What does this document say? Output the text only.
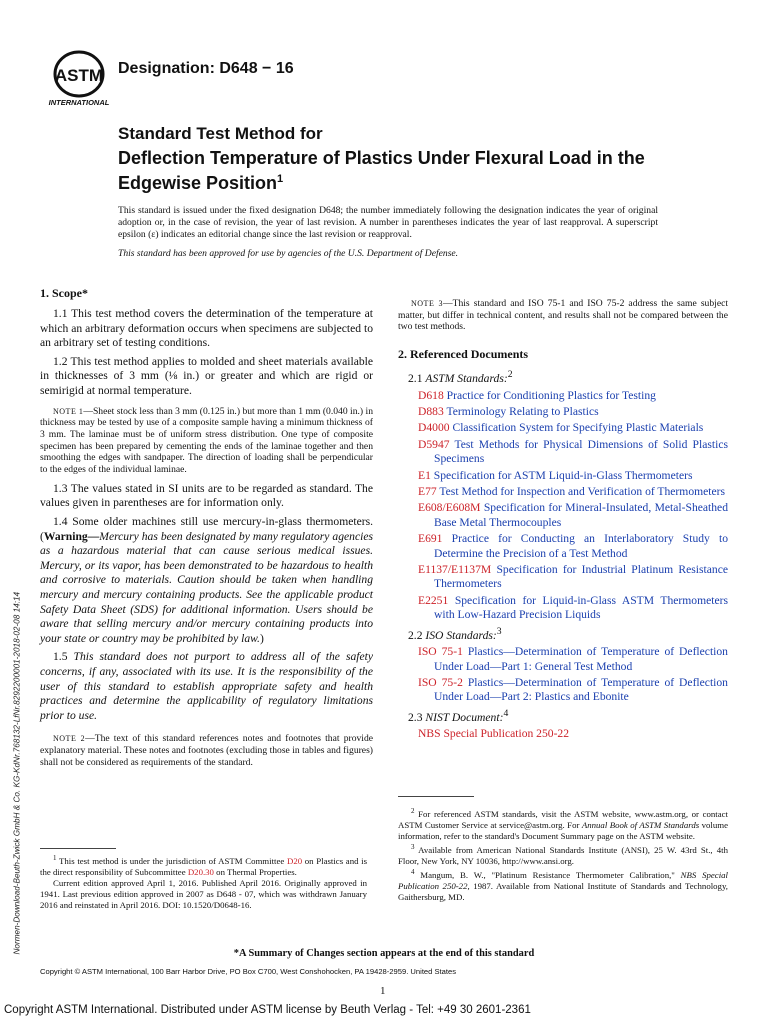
ASTM
INTERNATIONAL
Designation: D648 − 16
Standard Test Method for
Deflection Temperature of Plastics Under Flexural Load in the Edgewise Position$^1$

This standard is issued under the fixed designation D648; the number immediately following the designation indicates the year of original adoption or, in the case of revision, the year of last revision. A number in parentheses indicates the year of last reapproval. A superscript epsilon (ε) indicates an editorial change since the last revision or reapproval.

This standard has been approved for use by agencies of the U.S. Department of Defense.

1. Scope*

1.1 This test method covers the determination of the temperature at which an arbitrary deformation occurs when specimens are subjected to an arbitrary set of testing conditions.

1.2 This test method applies to molded and sheet materials available in thicknesses of 3 mm (⅛ in.) or greater and which are rigid or semirigid at normal temperature.

NOTE 1—Sheet stock less than 3 mm (0.125 in.) but more than 1 mm (0.040 in.) in thickness may be tested by use of a composite sample having a minimum thickness of 3 mm. The laminae must be of uniform stress distribution. One type of composite specimen has been prepared by cementing the ends of the laminae together and then smoothing the edges with sandpaper. The direction of loading shall be perpendicular to the edges of the individual laminae.

1.3 The values stated in SI units are to be regarded as standard. The values given in parentheses are for information only.

1.4 Some older machines still use mercury-in-glass thermometers. (Warning—Mercury has been designated by many regulatory agencies as a hazardous material that can cause serious medical issues. Mercury, or its vapor, has been demonstrated to be hazardous to health and corrosive to materials. Caution should be taken when handling mercury and mercury containing products. See the applicable product Safety Data Sheet (SDS) for additional information. Users should be aware that selling mercury and/or mercury containing products into your state or country may be prohibited by law.)

1.5 This standard does not purport to address all of the safety concerns, if any, associated with its use. It is the responsibility of the user of this standard to establish appropriate safety and health practices and determine the applicability of regulatory limitations prior to use.

NOTE 2—The text of this standard references notes and footnotes that provide explanatory material. These notes and footnotes (excluding those in tables and figures) shall not be considered as requirements of the standard.

NOTE 3—This standard and ISO 75-1 and ISO 75-2 address the same subject matter, but differ in technical content, and results shall not be compared between the two test methods.

2. Referenced Documents

2.1 ASTM Standards:$^2$

D618 Practice for Conditioning Plastics for Testing

D883 Terminology Relating to Plastics

D4000 Classification System for Specifying Plastic Materials

D5947 Test Methods for Physical Dimensions of Solid Plastics Specimens

E1 Specification for ASTM Liquid-in-Glass Thermometers

E77 Test Method for Inspection and Verification of Thermometers

E608/E608M Specification for Mineral-Insulated, Metal-Sheathed Base Metal Thermocouples

E691 Practice for Conducting an Interlaboratory Study to Determine the Precision of a Test Method

E1137/E1137M Specification for Industrial Platinum Resistance Thermometers

E2251 Specification for Liquid-in-Glass ASTM Thermometers with Low-Hazard Precision Liquids

2.2 ISO Standards:$^3$

ISO 75-1 Plastics—Determination of Temperature of Deflection Under Load—Part 1: General Test Method

ISO 75-2 Plastics—Determination of Temperature of Deflection Under Load—Part 2: Plastics and Ebonite

2.3 NIST Document:$^4$

NBS Special Publication 250-22

$^1$ This test method is under the jurisdiction of ASTM Committee D20 on Plastics and is the direct responsibility of Subcommittee D20.30 on Thermal Properties.

Current edition approved April 1, 2016. Published April 2016. Originally approved in 1941. Last previous edition approved in 2007 as D648 - 07, which was withdrawn January 2016 and reinstated in April 2016. DOI: 10.1520/D0648-16.

$^2$ For referenced ASTM standards, visit the ASTM website, www.astm.org, or contact ASTM Customer Service at service@astm.org. For Annual Book of ASTM Standards volume information, refer to the standard's Document Summary page on the ASTM website.

$^3$ Available from American National Standards Institute (ANSI), 25 W. 43rd St., 4th Floor, New York, NY 10036, http://www.ansi.org.

$^4$ Mangum, B. W., "Platinum Resistance Thermometer Calibration," NBS Special Publication 250-22, 1987. Available from National Institute of Standards and Technology, Gaithersburg, MD.

*A Summary of Changes section appears at the end of this standard
Copyright © ASTM International, 100 Barr Harbor Drive, PO Box C700, West Conshohocken, PA 19428-2959. United States
1
Copyright ASTM International. Distributed under ASTM license by Beuth Verlag - Tel: +49 30 2601-2361
Normen-Download-Beuth-Zwick GmbH & Co. KG-KdNr.768132-LfNr.8292200001-2018-02-08 14:14
